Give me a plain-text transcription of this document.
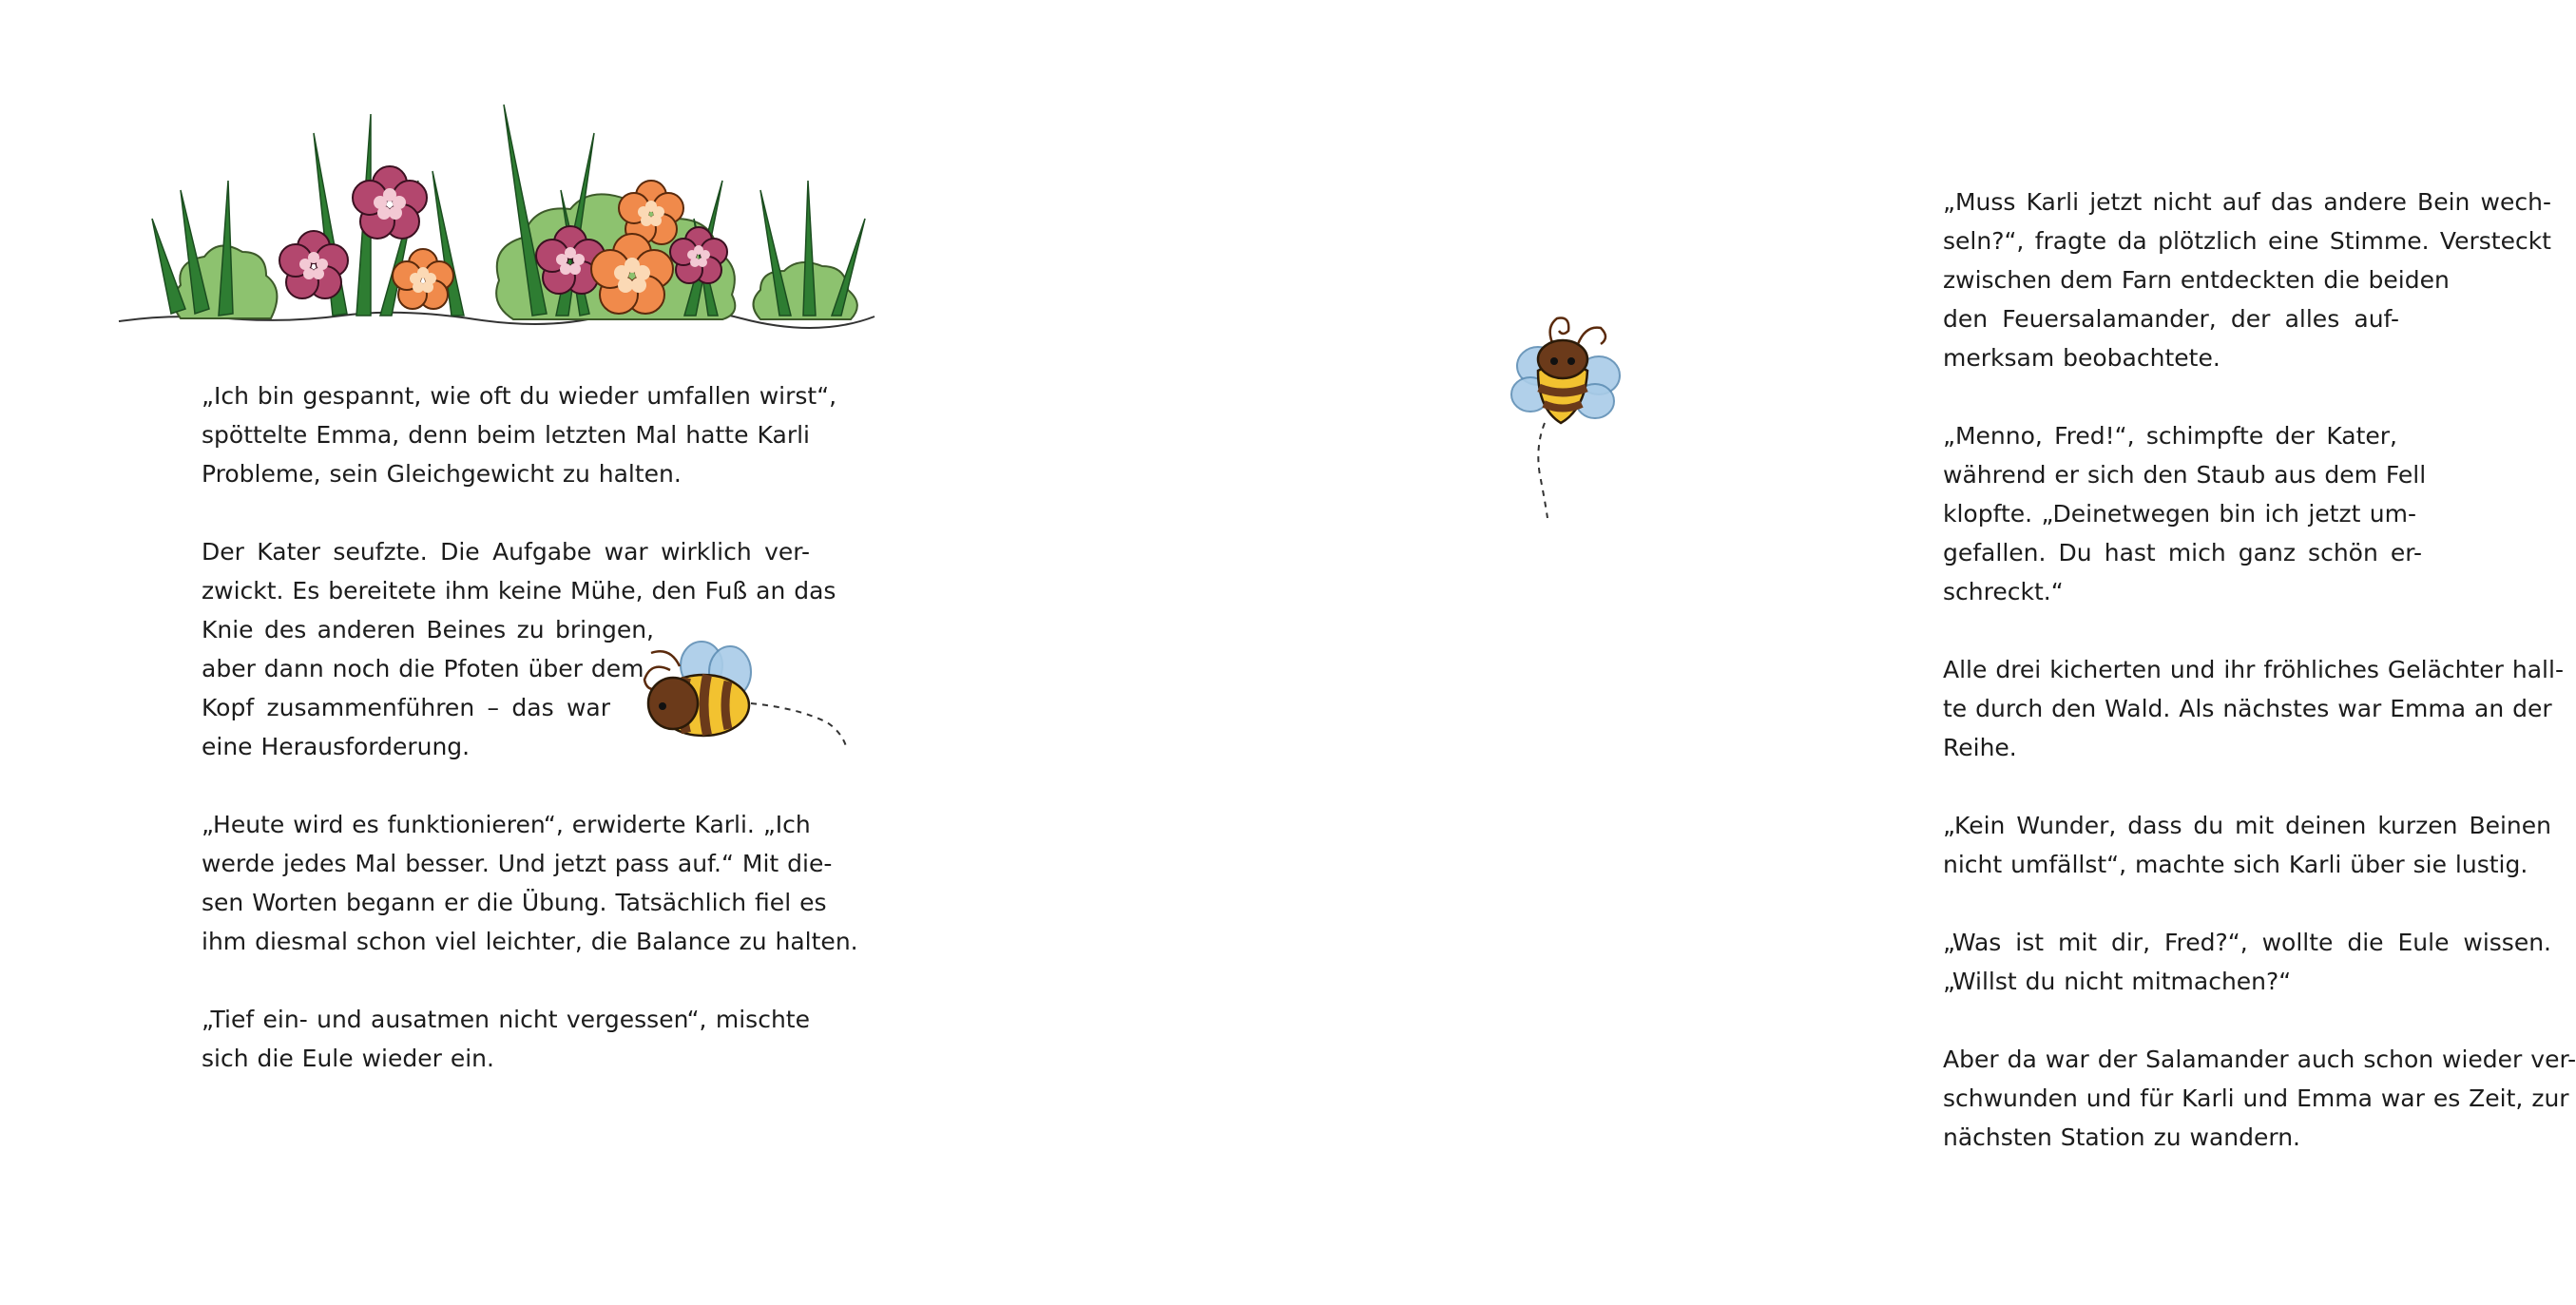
„Ich bin gespannt, wie oft du wieder umfallen wirst“,
spöttelte Emma, denn beim letzten Mal hatte Karli
Probleme, sein Gleichgewicht zu halten.

Der Kater seufzte. Die Aufgabe war wirklich ver-
zwickt. Es bereitete ihm keine Mühe, den Fuß an das
Knie des anderen Beines zu bringen,
aber dann noch die Pfoten über dem
Kopf zusammenführen – das war
eine Herausforderung.

„Heute wird es funktionieren“, erwiderte Karli. „Ich
werde jedes Mal besser. Und jetzt pass auf.“ Mit die-
sen Worten begann er die Übung. Tatsächlich fiel es
ihm diesmal schon viel leichter, die Balance zu halten.

„Tief ein- und ausatmen nicht vergessen“, mischte
sich die Eule wieder ein.

„Muss Karli jetzt nicht auf das andere Bein wech-
seln?“, fragte da plötzlich eine Stimme. Versteckt
zwischen dem Farn entdeckten die beiden
den Feuersalamander, der alles auf-
merksam beobachtete.

„Menno, Fred!“, schimpfte der Kater,
während er sich den Staub aus dem Fell
klopfte. „Deinetwegen bin ich jetzt um-
gefallen. Du hast mich ganz schön er-
schreckt.“

Alle drei kicherten und ihr fröhliches Gelächter hall-
te durch den Wald. Als nächstes war Emma an der
Reihe.

„Kein Wunder, dass du mit deinen kurzen Beinen
nicht umfällst“, machte sich Karli über sie lustig.

„Was ist mit dir, Fred?“, wollte die Eule wissen.
„Willst du nicht mitmachen?“

Aber da war der Salamander auch schon wieder ver-
schwunden und für Karli und Emma war es Zeit, zur
nächsten Station zu wandern.
